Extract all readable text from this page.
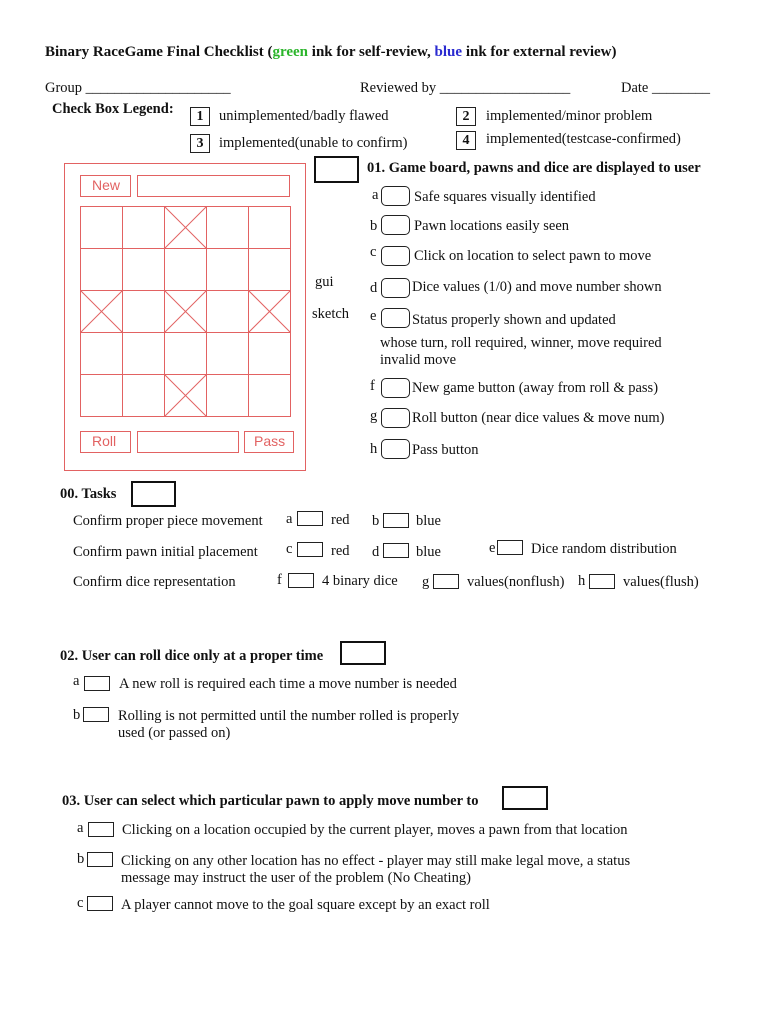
Binary RaceGame Final Checklist (green ink for self-review, blue ink for external review)
Group ____________________	Reviewed by __________________	Date ________
Check Box Legend:	1	unimplemented/badly flawed	2	implemented/minor problem
3	implemented(unable to confirm)	4	implemented(testcase-confirmed)
New
Roll	Pass
gui
sketch
01. Game board, pawns and dice are displayed to user
a Safe squares visually identified
b	Pawn locations easily seen
c	Click on location to select pawn to move
d Dice values (1/0) and move number shown
e Status properly shown and updated
whose turn, roll required, winner, move required
invalid move
f	New game button (away from roll & pass)
g Roll button (near dice values & move num)
h Pass button
00. Tasks
Confirm proper piece movement a	red b	blue
Confirm pawn initial placement c	red d	blue	e Dice random distribution
Confirm dice representation	f	4 binary dice g	values(nonflush) h	values(flush)
02. User can roll dice only at a proper time
a	A new roll is required each time a move number is needed
b	Rolling is not permitted until the number rolled is properly
used (or passed on)
03. User can select which particular pawn to apply move number to
a	Clicking on a location occupied by the current player, moves a pawn from that location
b	Clicking on any other location has no effect - player may still make legal move, a status
message may instruct the user of the problem (No Cheating)
c	A player cannot move to the goal square except by an exact roll
